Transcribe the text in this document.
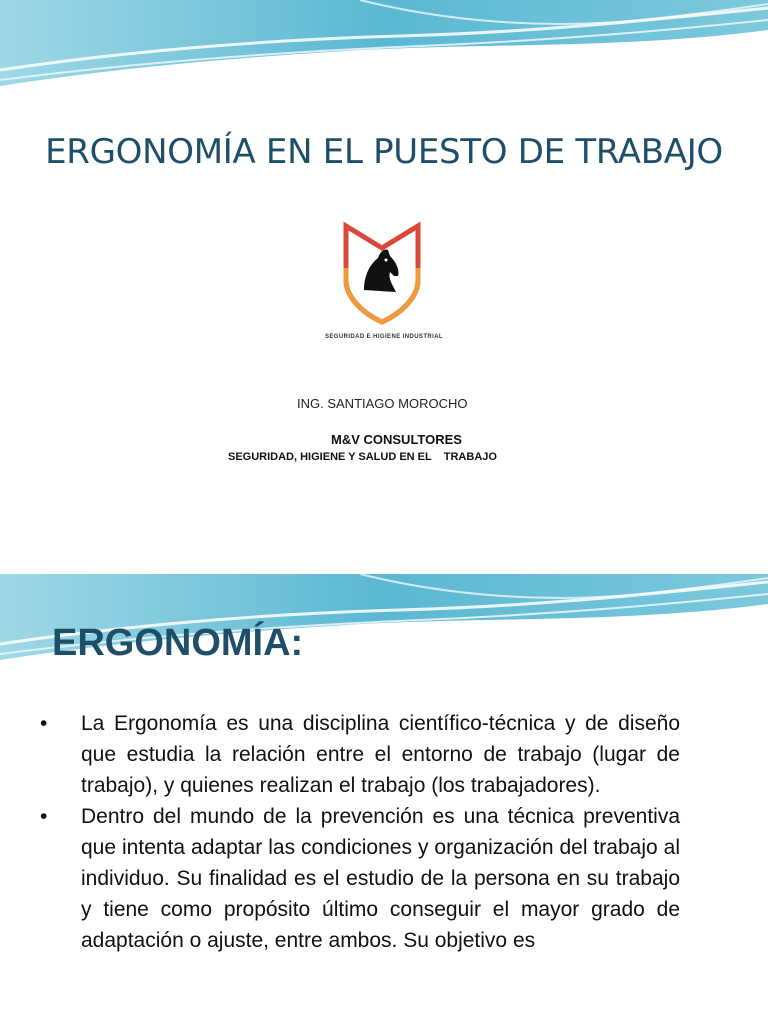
ERGONOMÍA EN EL PUESTO DE TRABAJO
SEGURIDAD E HIGIENE INDUSTRIAL
ING. SANTIAGO MOROCHO
M&V CONSULTORES
SEGURIDAD, HIGIENE Y SALUD EN EL    TRABAJO
ERGONOMÍA:
• La Ergonomía es una disciplina científico-técnica y de diseño que estudia la relación entre el entorno de trabajo (lugar de trabajo), y quienes realizan el trabajo (los trabajadores).
• Dentro del mundo de la prevención es una técnica preventiva que intenta adaptar las condiciones y organización del trabajo al individuo. Su finalidad es el estudio de la persona en su trabajo y tiene como propósito último conseguir el mayor grado de adaptación o ajuste, entre ambos. Su objetivo es
